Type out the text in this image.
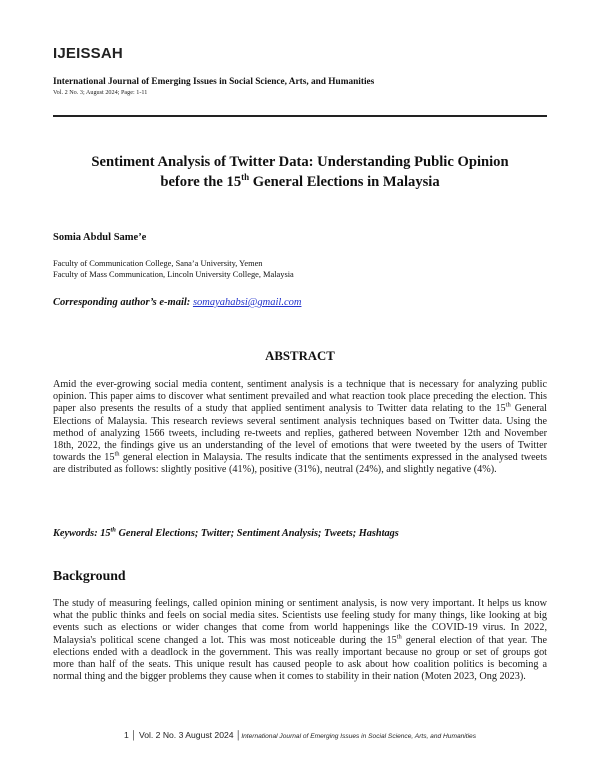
IJEISSAH
International Journal of Emerging Issues in Social Science, Arts, and Humanities
Vol. 2 No. 3; August 2024; Page: 1-11
Sentiment Analysis of Twitter Data: Understanding Public Opinion
before the 15th General Elections in Malaysia
Somia Abdul Same’e
Faculty of Communication College, Sana’a University, Yemen
Faculty of Mass Communication, Lincoln University College, Malaysia
Corresponding author’s e-mail: somayahabsi@gmail.com
ABSTRACT

Amid the ever-growing social media content, sentiment analysis is a technique that is necessary for analyzing public opinion. This paper aims to discover what sentiment prevailed and what reaction took place preceding the election. This paper also presents the results of a study that applied sentiment analysis to Twitter data relating to the 15th General Elections of Malaysia. This research reviews several sentiment analysis techniques based on Twitter data. Using the method of analyzing 1566 tweets, including re-tweets and replies, gathered between November 12th and November 18th, 2022, the findings give us an understanding of the level of emotions that were tweeted by the users of Twitter towards the 15th general election in Malaysia. The results indicate that the sentiments expressed in the analysed tweets are distributed as follows: slightly positive (41%), positive (31%), neutral (24%), and slightly negative (4%).

Keywords: 15th General Elections; Twitter; Sentiment Analysis; Tweets; Hashtags
Background

The study of measuring feelings, called opinion mining or sentiment analysis, is now very important. It helps us know what the public thinks and feels on social media sites. Scientists use feeling study for many things, like looking at big events such as elections or wider changes that come from world happenings like the COVID-19 virus. In 2022, Malaysia's political scene changed a lot. This was most noticeable during the 15th general election of that year. The elections ended with a deadlock in the government. This was really important because no group or set of groups got more than half of the seats. This unique result has caused people to ask about how coalition politics is becoming a normal thing and the bigger problems they cause when it comes to stability in their nation (Moten 2023, Ong 2023).

1 │ Vol. 2 No. 3 August 2024 │International Journal of Emerging Issues in Social Science, Arts, and Humanities
